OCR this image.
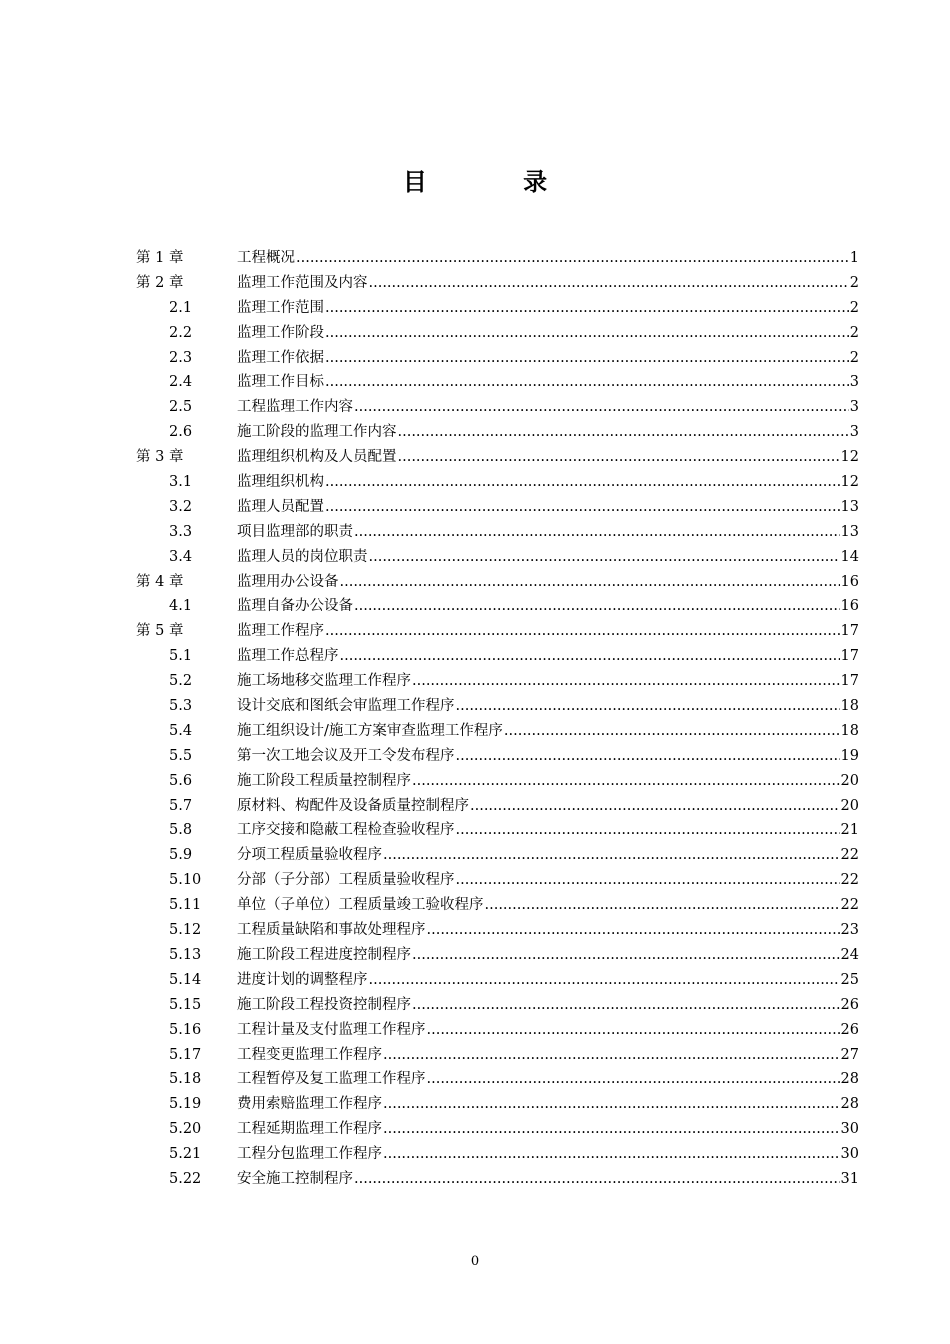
目 录
第 1 章	工程概况 .....	1
第 2 章	监理工作范围及内容 .....	2
2.1	监理工作范围 .....	2
2.2	监理工作阶段 .....	2
2.3	监理工作依据 .....	2
2.4	监理工作目标 .....	3
2.5	工程监理工作内容 .....	3
2.6	施工阶段的监理工作内容 .....	3
第 3 章	监理组织机构及人员配置 .....	12
3.1	监理组织机构 .....	12
3.2	监理人员配置 .....	13
3.3	项目监理部的职责 .....	13
3.4	监理人员的岗位职责 .....	14
第 4 章	监理用办公设备 .....	16
4.1	监理自备办公设备 .....	16
第 5 章	监理工作程序 .....	17
5.1	监理工作总程序 .....	17
5.2	施工场地移交监理工作程序 .....	17
5.3	设计交底和图纸会审监理工作程序 .....	18
5.4	施工组织设计/施工方案审查监理工作程序 .....	18
5.5	第一次工地会议及开工令发布程序 .....	19
5.6	施工阶段工程质量控制程序 .....	20
5.7	原材料、构配件及设备质量控制程序 .....	20
5.8	工序交接和隐蔽工程检查验收程序 .....	21
5.9	分项工程质量验收程序 .....	22
5.10 分部（子分部）工程质量验收程序 .....	22
5.11 单位（子单位）工程质量竣工验收程序 .....	22
5.12 工程质量缺陷和事故处理程序 .....	23
5.13 施工阶段工程进度控制程序 .....	24
5.14 进度计划的调整程序 .....	25
5.15 施工阶段工程投资控制程序 .....	26
5.16 工程计量及支付监理工作程序 .....	26
5.17 工程变更监理工作程序 .....	27
5.18 工程暂停及复工监理工作程序 .....	28
5.19 费用索赔监理工作程序 .....	28
5.20 工程延期监理工作程序 .....	30
5.21 工程分包监理工作程序 .....	30
5.22 安全施工控制程序 .....	31
0
